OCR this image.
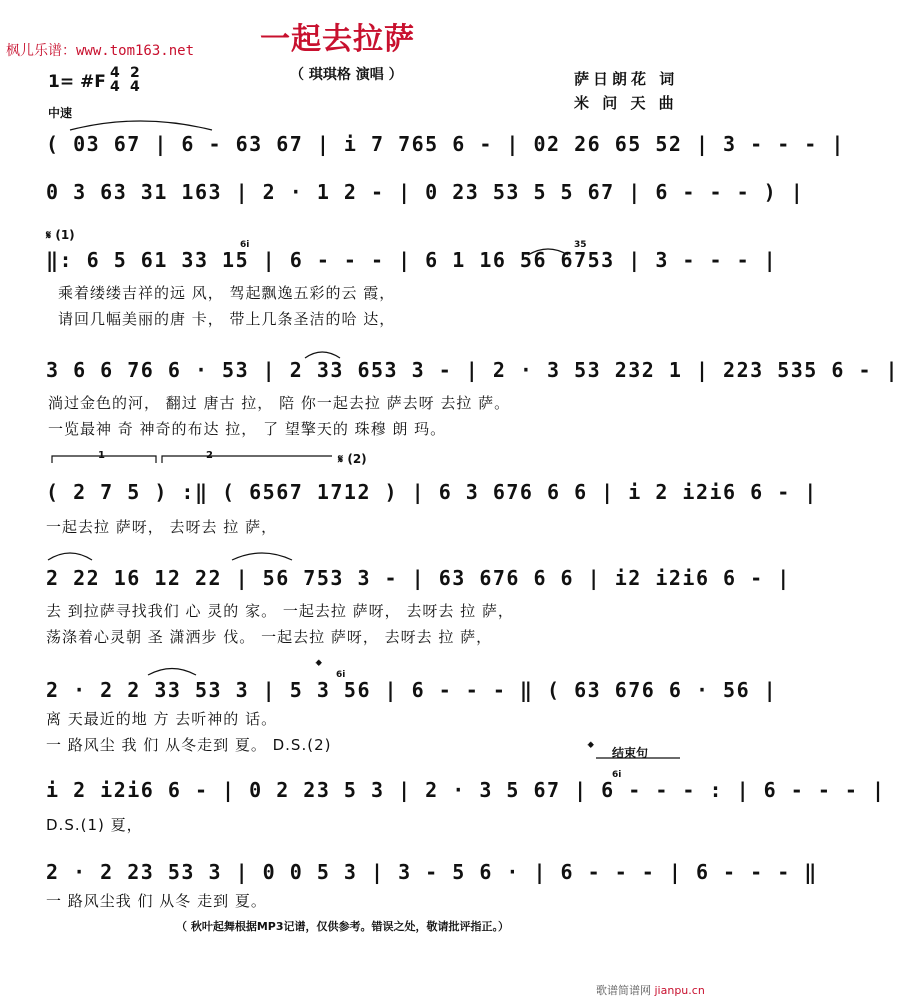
枫儿乐谱：www.tom163.net 一起去拉萨
（ 琪琪格 演唱 ）	萨日朗花 词
米 问 天 曲
1= #F 4
4
2
4
中速
( 03 67 | 6 - 63 67 | i 7 765 6 - | 02 26 65 52 | 3 - - - |
0 3 63 31 163 | 2 · 1 2 - | 0 23 53 5 5 67 | 6 - - - ) |
𝄋 (1)
6i	35
‖: 6 5 61 33 15 | 6 - - - | 6 1 16 56 6753 | 3 - - - |
乘着缕缕吉祥的远 风， 驾起飘逸五彩的云 霞，
请回几幅美丽的唐 卡， 带上几条圣洁的哈 达，
3 6 6 76 6 · 53 | 2 33 653 3 - | 2 · 3 53 232 1 | 223 535 6 - |
淌过金色的河， 翻过 唐古 拉， 陪 你一起去拉 萨去呀 去拉 萨。
一览最神 奇 神奇的布达 拉， 了 望擎天的 珠穆 朗 玛。
1	2	𝄋 (2)
( 2 7 5 ) :‖ ( 6567 1712 ) | 6 3 676 6 6 | i 2 i2i6 6 - |
一起去拉 萨呀， 去呀去 拉 萨，
2 22 16 12 22 | 56 753 3 - | 63 676 6 6 | i2 i2i6 6 - |
去 到拉萨寻找我们 心 灵的 家。 一起去拉 萨呀， 去呀去 拉 萨，
荡涤着心灵朝 圣 潇洒步 伐。 一起去拉 萨呀， 去呀去 拉 萨，
𝄌 6i
2 · 2 2 33 53 3 | 5 3 56 | 6 - - - ‖ ( 63 676 6 · 56 |
离 天最近的地 方 去听神的 话。
一 路风尘 我 们 从冬走到 夏。 D.S.(2)	𝄌 结束句
6i
i 2 i2i6 6 - | 0 2 23 5 3 | 2 · 3 5 67 | 6 - - - : | 6 - - - |
D.S.(1) 夏，
2 · 2 23 53 3 | 0 0 5 3 | 3 - 5 6 · | 6 - - - | 6 - - - ‖
一 路风尘我 们 从冬 走到 夏。
（ 秋叶起舞根据MP3记谱，仅供参考。错误之处，敬请批评指正。）
歌谱简谱网 jianpu.cn
